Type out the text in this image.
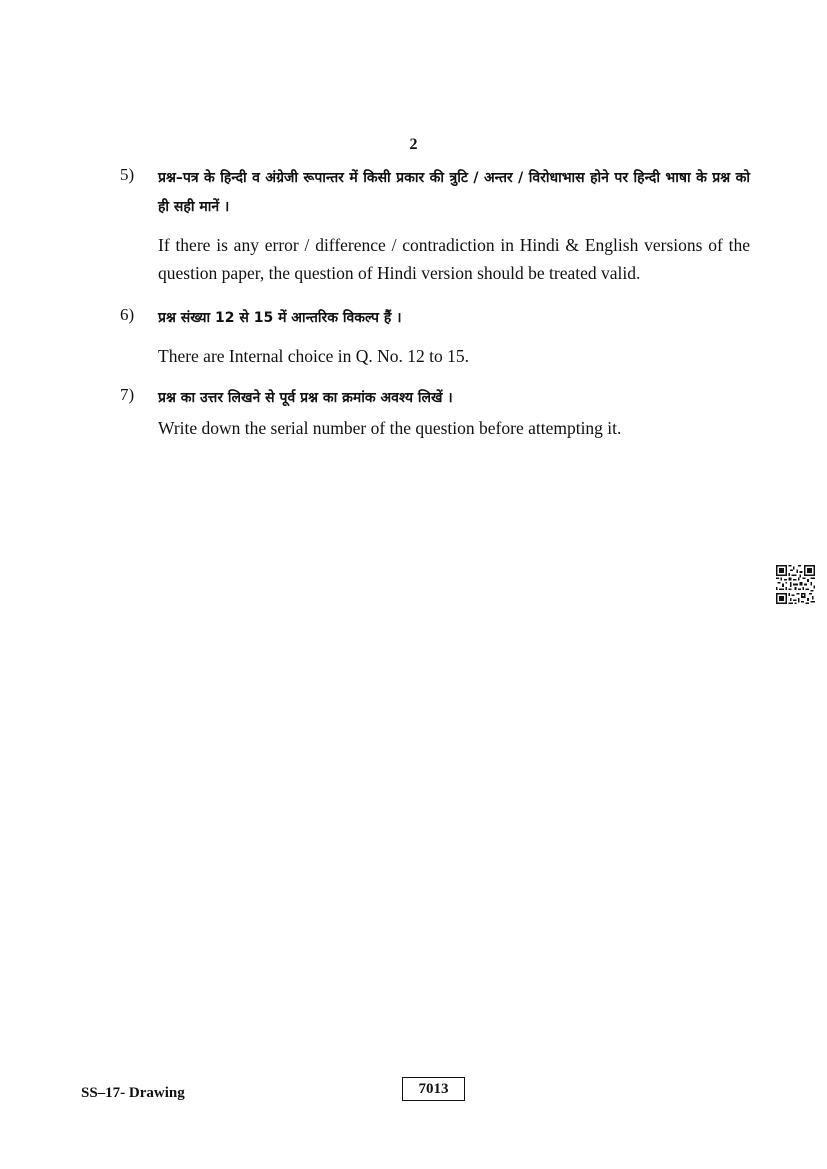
2
5) प्रश्न–पत्र के हिन्दी व अंग्रेजी रूपान्तर में किसी प्रकार की त्रुटि / अन्तर / विरोधाभास होने पर हिन्दी भाषा के प्रश्न को ही सही मानें ।
If there is any error / difference / contradiction in Hindi & English versions of the question paper, the question of Hindi version should be treated valid.
6) प्रश्न संख्या 12 से 15 में आन्तरिक विकल्प हैं ।
There are Internal choice in Q. No. 12 to 15.
7) प्रश्न का उत्तर लिखने से पूर्व प्रश्न का क्रमांक अवश्य लिखें ।
Write down the serial number of the question before attempting it.
SS–17- Drawing	7013
